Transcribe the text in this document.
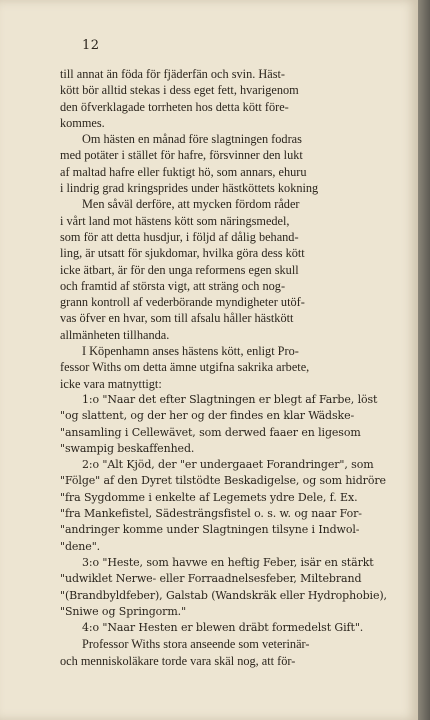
12
till annat än föda för fjäderfän och svin. Häst-
kött bör alltid stekas i dess eget fett, hvarigenom
den öfverklagade torrheten hos detta kött före-
kommes.
Om hästen en månad före slagtningen fodras
med potäter i stället för hafre, försvinner den lukt
af maltad hafre eller fuktigt hö, som annars, ehuru
i lindrig grad kringsprides under hästköttets kokning
Men såväl derföre, att mycken fördom råder
i vårt land mot hästens kött som näringsmedel,
som för att detta husdjur, i följd af dålig behand-
ling, är utsatt för sjukdomar, hvilka göra dess kött
icke ätbart, är för den unga reformens egen skull
och framtid af största vigt, att sträng och nog-
grann kontroll af vederbörande myndigheter utöf-
vas öfver en hvar, som till afsalu håller hästkött
allmänheten tillhanda.
I Köpenhamn anses hästens kött, enligt Pro-
fessor Withs om detta ämne utgifna sakrika arbete,
icke vara matnyttigt:
1:o "Naar det efter Slagtningen er blegt af Farbe, löst
"og slattent, og der her og der findes en klar Wädske-
"ansamling i Cellewävet, som derwed faaer en ligesom
"swampig beskaffenhed.
2:o "Alt Kjöd, der "er undergaaet Forandringer", som
"Fölge" af den Dyret tilstödte Beskadigelse, og som hidröre
"fra Sygdomme i enkelte af Legemets ydre Dele, f. Ex.
"fra Mankefistel, Sädesträngsfistel o. s. w. og naar For-
"andringer komme under Slagtningen tilsyne i Indwol-
"dene".
3:o "Heste, som havwe en heftig Feber, isär en stärkt
"udwiklet Nerwe- eller Forraadnelsesfeber, Miltebrand
"(Brandbyldfeber), Galstab (Wandskräk eller Hydrophobie),
"Sniwe og Springorm."
4:o "Naar Hesten er blewen dräbt formedelst Gift".
Professor Withs stora anseende som veterinär-
och menniskoläkare torde vara skäl nog, att för-
